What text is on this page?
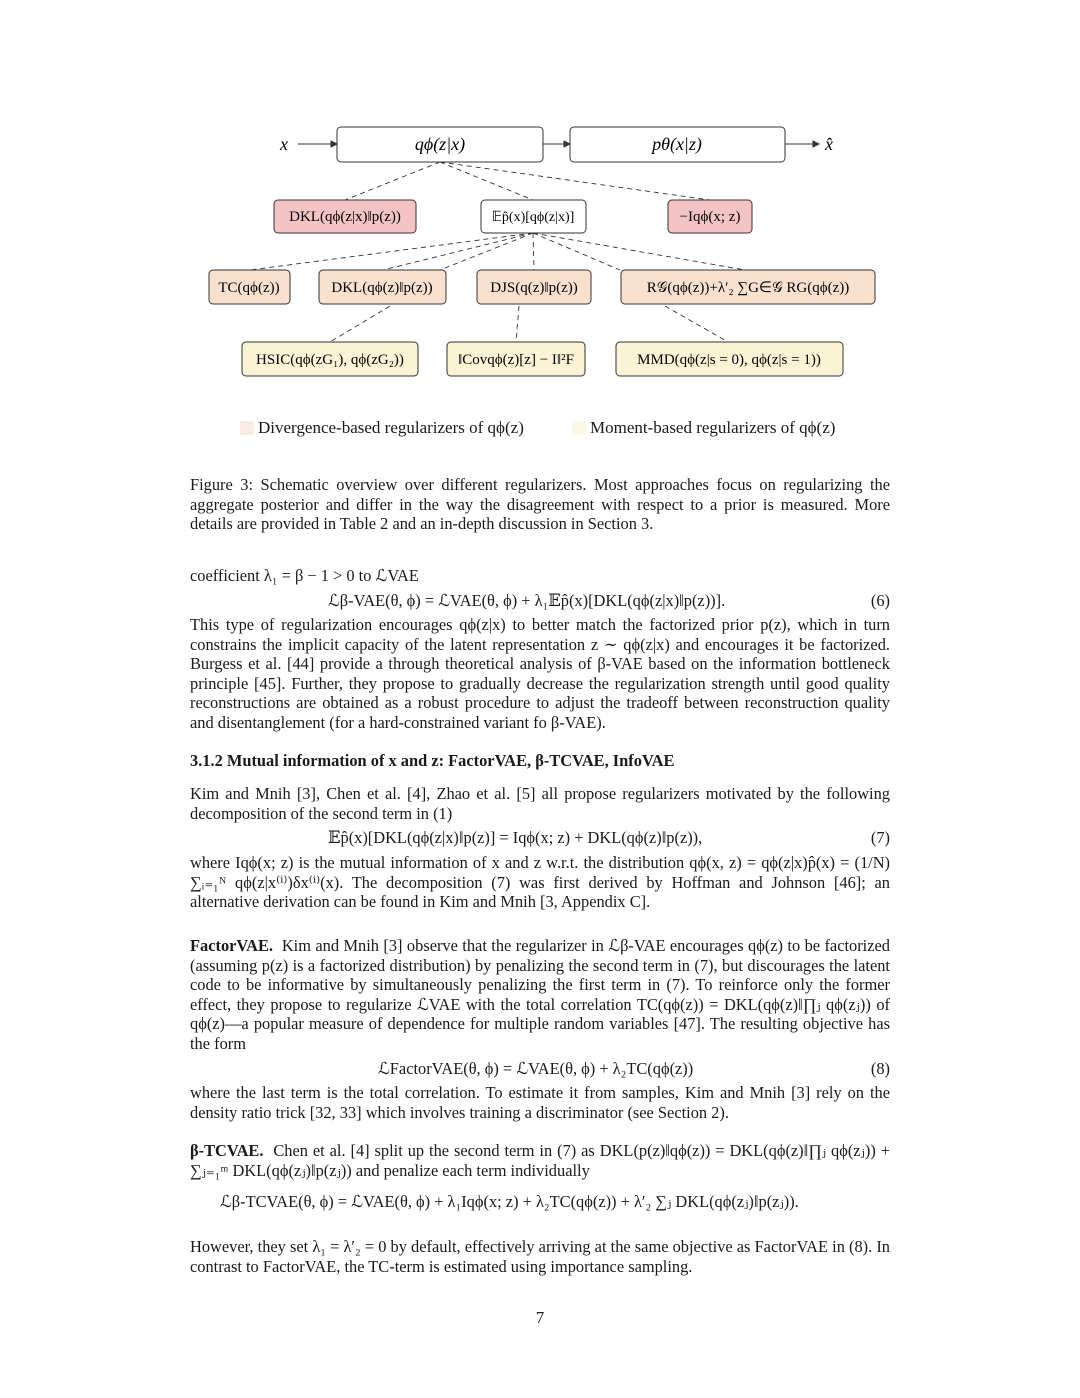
x	qϕ(z|x)	pθ(x|z)	x̂
DKL(qϕ(z|x)‖p(z))	𝔼p̂(x)[qϕ(z|x)]	−Iqϕ(x; z)
TC(qϕ(z))	DKL(qϕ(z)‖p(z))	DJS(q(z)‖p(z))	R𝒢(qϕ(z))+λ′₂ ∑G∈𝒢 RG(qϕ(z))
HSIC(qϕ(zG₁), qϕ(zG₂))	‖Covqϕ(z)[z] − I‖²F	MMD(qϕ(z|s = 0), qϕ(z|s = 1))
Divergence-based regularizers of qϕ(z)	Moment-based regularizers of qϕ(z)

Figure 3: Schematic overview over different regularizers. Most approaches focus on regularizing the aggregate posterior and differ in the way the disagreement with respect to a prior is measured. More details are provided in Table 2 and an in-depth discussion in Section 3.

coefficient λ₁ = β − 1 > 0 to ℒVAE

ℒβ-VAE(θ, ϕ) = ℒVAE(θ, ϕ) + λ₁𝔼p̂(x)[DKL(qϕ(z|x)‖p(z))].	(6)

This type of regularization encourages qϕ(z|x) to better match the factorized prior p(z), which in turn constrains the implicit capacity of the latent representation z ∼ qϕ(z|x) and encourages it be factorized. Burgess et al. [44] provide a through theoretical analysis of β-VAE based on the information bottleneck principle [45]. Further, they propose to gradually decrease the regularization strength until good quality reconstructions are obtained as a robust procedure to adjust the tradeoff between reconstruction quality and disentanglement (for a hard-constrained variant fo β-VAE).

3.1.2 Mutual information of x and z: FactorVAE, β-TCVAE, InfoVAE

Kim and Mnih [3], Chen et al. [4], Zhao et al. [5] all propose regularizers motivated by the following decomposition of the second term in (1)

𝔼p̂(x)[DKL(qϕ(z|x)‖p(z)] = Iqϕ(x; z) + DKL(qϕ(z)‖p(z)),	(7)

where Iqϕ(x; z) is the mutual information of x and z w.r.t. the distribution qϕ(x, z) = qϕ(z|x)p̂(x) = (1/N) ∑ᵢ₌₁ᴺ qϕ(z|x⁽ⁱ⁾)δx⁽ⁱ⁾(x). The decomposition (7) was first derived by Hoffman and Johnson [46]; an alternative derivation can be found in Kim and Mnih [3, Appendix C].

FactorVAE. Kim and Mnih [3] observe that the regularizer in ℒβ-VAE encourages qϕ(z) to be factorized (assuming p(z) is a factorized distribution) by penalizing the second term in (7), but discourages the latent code to be informative by simultaneously penalizing the first term in (7). To reinforce only the former effect, they propose to regularize ℒVAE with the total correlation TC(qϕ(z)) = DKL(qϕ(z)‖∏ⱼ qϕ(zⱼ)) of qϕ(z)—a popular measure of dependence for multiple random variables [47]. The resulting objective has the form

ℒFactorVAE(θ, ϕ) = ℒVAE(θ, ϕ) + λ₂TC(qϕ(z))	(8)

where the last term is the total correlation. To estimate it from samples, Kim and Mnih [3] rely on the density ratio trick [32, 33] which involves training a discriminator (see Section 2).

β-TCVAE. Chen et al. [4] split up the second term in (7) as DKL(p(z)‖qϕ(z)) = DKL(qϕ(z)‖∏ⱼ qϕ(zⱼ)) + ∑ⱼ₌₁ᵐ DKL(qϕ(zⱼ)‖p(zⱼ)) and penalize each term individually

ℒβ-TCVAE(θ, ϕ) = ℒVAE(θ, ϕ) + λ₁Iqϕ(x; z) + λ₂TC(qϕ(z)) + λ′₂ ∑ⱼ DKL(qϕ(zⱼ)‖p(zⱼ)).

However, they set λ₁ = λ′₂ = 0 by default, effectively arriving at the same objective as FactorVAE in (8). In contrast to FactorVAE, the TC-term is estimated using importance sampling.

7
